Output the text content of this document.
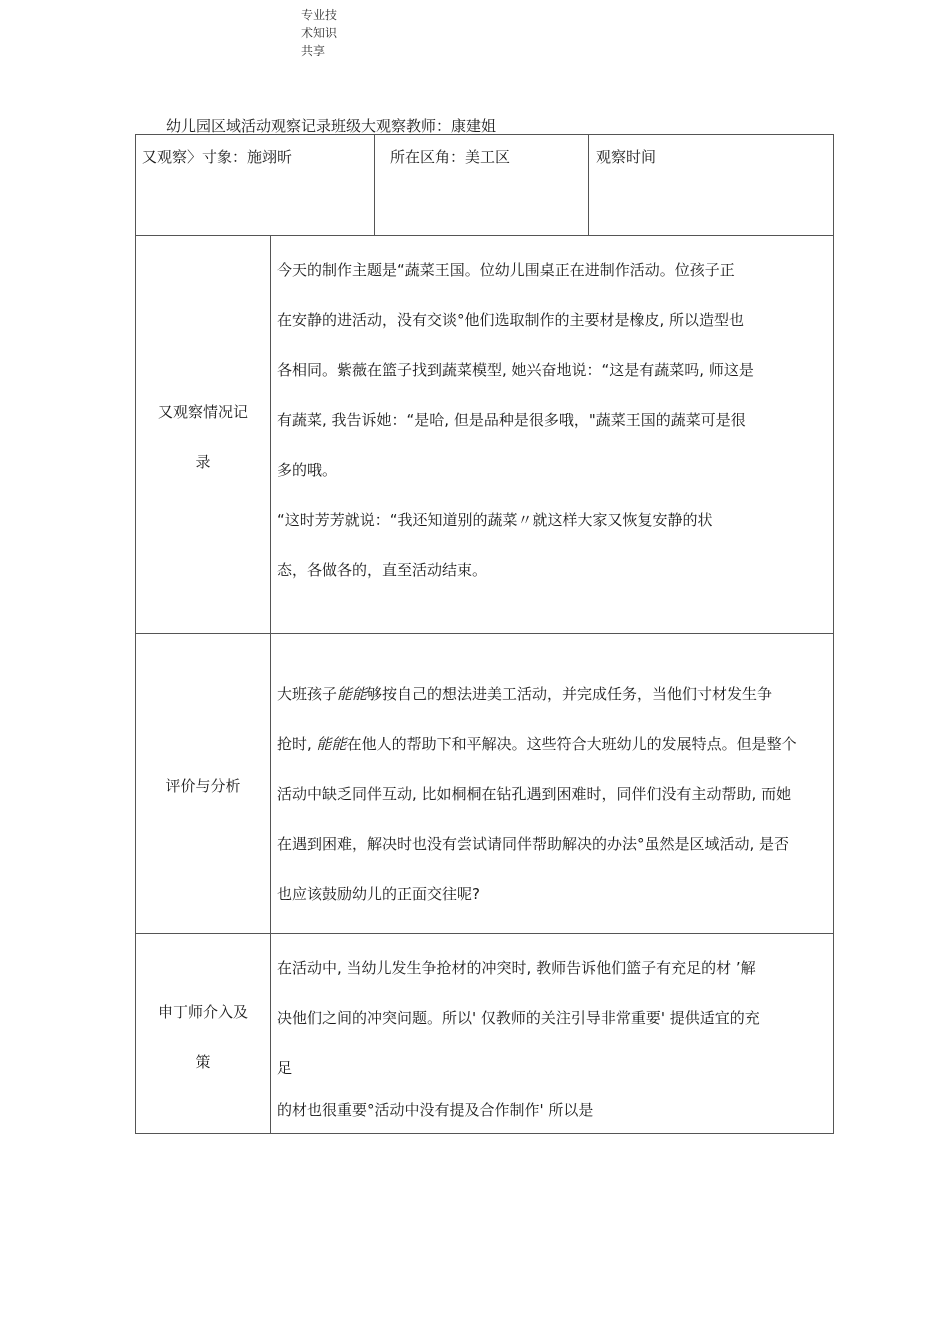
专业技
术知识
共享
幼儿园区域活动观察记录班级大观察教师：康建姐
又观察〉寸象：施翊昕	所在区角：美工区	观察时间
又观察情况记
录

今天的制作主题是“蔬菜王国。位幼儿围桌正在进制作活动。位孩子正

在安静的进活动，没有交谈°他们选取制作的主要材是橡皮, 所以造型也

各相同。紫薇在篮子找到蔬菜模型, 她兴奋地说：“这是有蔬菜吗, 师这是

有蔬菜, 我告诉她：“是哈, 但是品种是很多哦，"蔬菜王国的蔬菜可是很

多的哦。

“这时芳芳就说：“我还知道别的蔬菜〃就这样大家又恢复安静的状

态，各做各的，直至活动结束。

评价与分析

大班孩子能能够按自己的想法进美工活动，并完成任务，当他们寸材发生争

抢时, 能能在他人的帮助下和平解决。这些符合大班幼儿的发展特点。但是整个

活动中缺乏同伴互动, 比如桐桐在钻孔遇到困难时，同伴们没有主动帮助, 而她

在遇到困难，解决时也没有尝试请同伴帮助解决的办法°虽然是区域活动, 是否

也应该鼓励幼儿的正面交往呢?

申丁师介入及
策

在活动中, 当幼儿发生争抢材的冲突时, 教师告诉他们篮子有充足的材 ’解

决他们之间的冲突问题。所以' 仅教师的关注引导非常重要' 提供适宜的充

足

的材也很重要°活动中没有提及合作制作' 所以是
